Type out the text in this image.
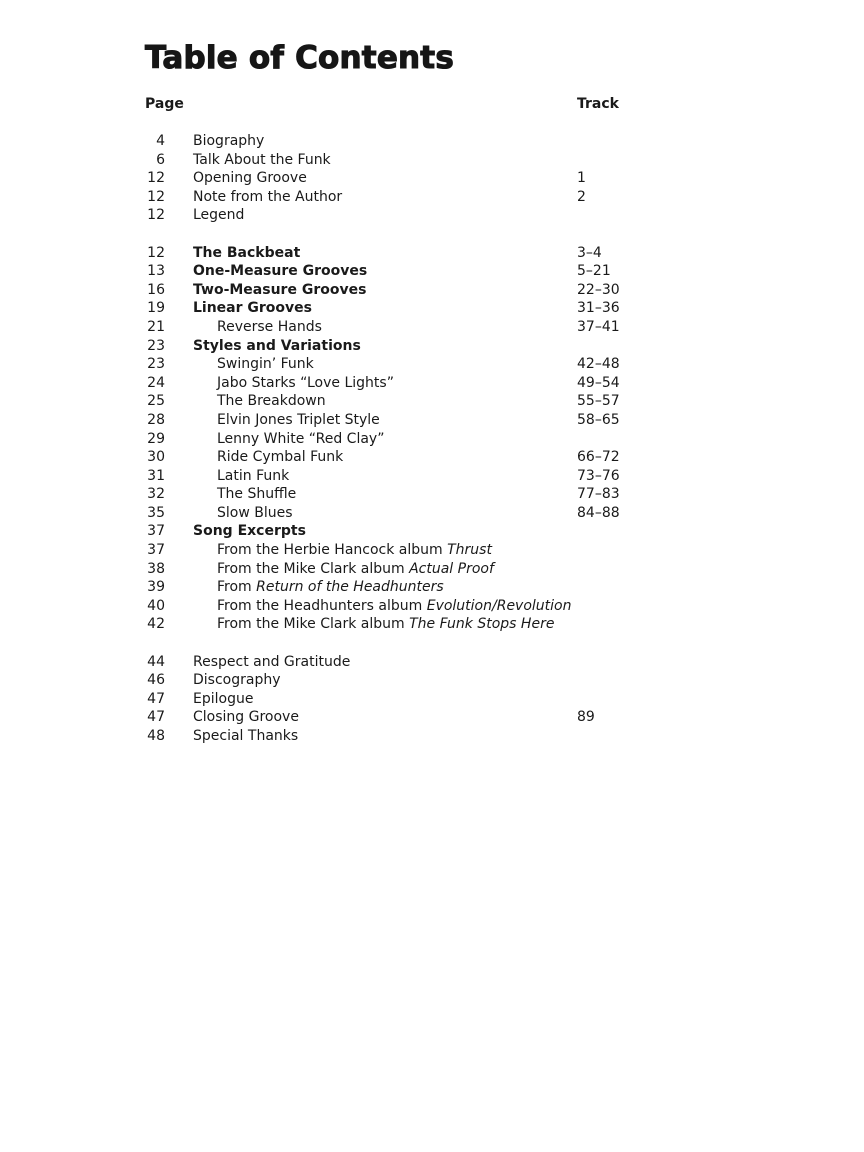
Table of Contents
Page	Track
4 Biography
6 Talk About the Funk
12 Opening Groove	1
12 Note from the Author	2
12 Legend
12 The Backbeat	3–4
13 One-Measure Grooves	5–21
16 Two-Measure Grooves	22–30
19 Linear Grooves	31–36
21	Reverse Hands	37–41
23 Styles and Variations
23	Swingin’ Funk	42–48
24	Jabo Starks “Love Lights”	49–54
25	The Breakdown	55–57
28	Elvin Jones Triplet Style	58–65
29	Lenny White “Red Clay”
30	Ride Cymbal Funk	66–72
31	Latin Funk	73–76
32	The Shuffle	77–83
35	Slow Blues	84–88
37 Song Excerpts
37	From the Herbie Hancock album Thrust
38	From the Mike Clark album Actual Proof
39	From Return of the Headhunters
40	From the Headhunters album Evolution/Revolution
42	From the Mike Clark album The Funk Stops Here
44 Respect and Gratitude
46 Discography
47 Epilogue
47 Closing Groove	89
48 Special Thanks
